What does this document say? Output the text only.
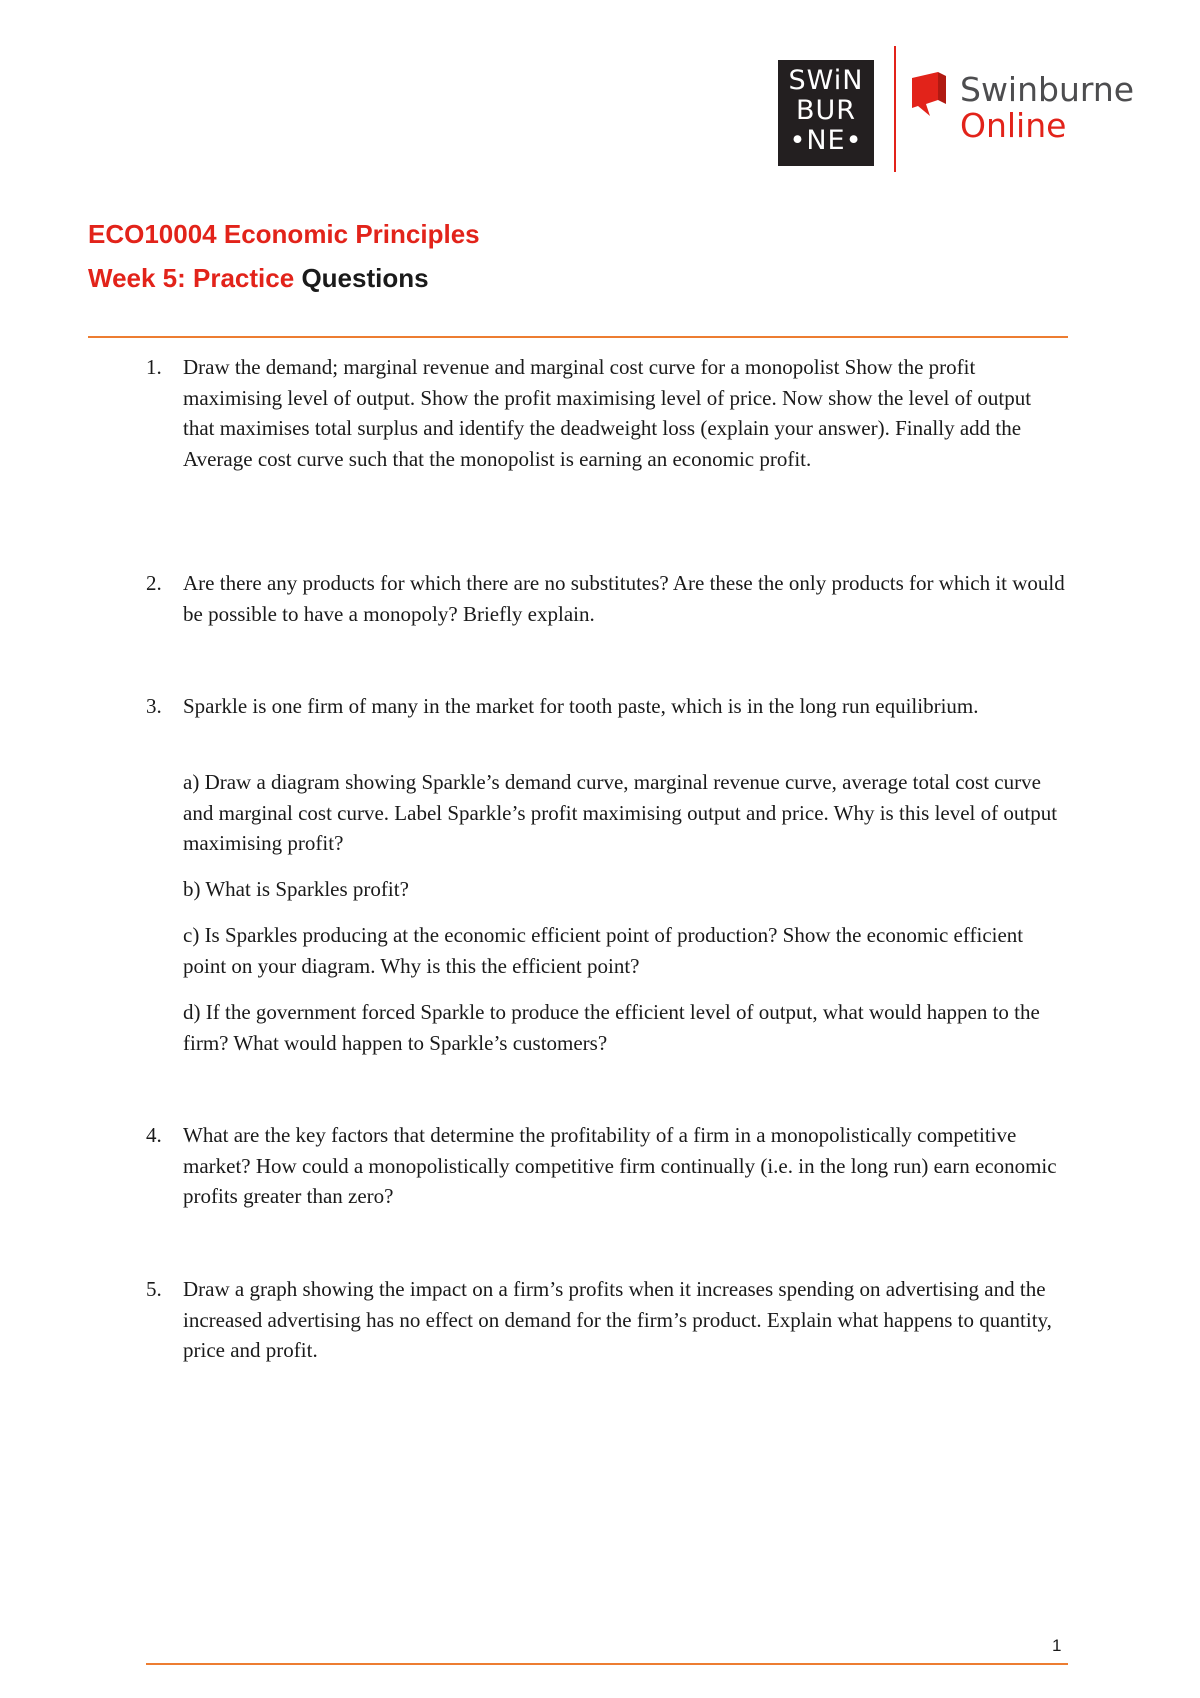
SWiN
BUR
•NE•
Swinburne
Online
ECO10004 Economic Principles
Week 5: Practice Questions
1.	Draw the demand; marginal revenue and marginal cost curve for a monopolist Show the profit maximising level of output. Show the profit maximising level of price. Now show the level of output that maximises total surplus and identify the deadweight loss (explain your answer). Finally add the Average cost curve such that the monopolist is earning an economic profit.
2.	Are there any products for which there are no substitutes? Are these the only products for which it would be possible to have a monopoly? Briefly explain.
3.	Sparkle is one firm of many in the market for tooth paste, which is in the long run equilibrium.
a) Draw a diagram showing Sparkle’s demand curve, marginal revenue curve, average total cost curve and marginal cost curve. Label Sparkle’s profit maximising output and price. Why is this level of output maximising profit?
b) What is Sparkles profit?
c) Is Sparkles producing at the economic efficient point of production? Show the economic efficient point on your diagram. Why is this the efficient point?
d) If the government forced Sparkle to produce the efficient level of output, what would happen to the firm? What would happen to Sparkle’s customers?
4.	What are the key factors that determine the profitability of a firm in a monopolistically competitive market? How could a monopolistically competitive firm continually (i.e. in the long run) earn economic profits greater than zero?
5.	Draw a graph showing the impact on a firm’s profits when it increases spending on advertising and the increased advertising has no effect on demand for the firm’s product. Explain what happens to quantity, price and profit.
1
